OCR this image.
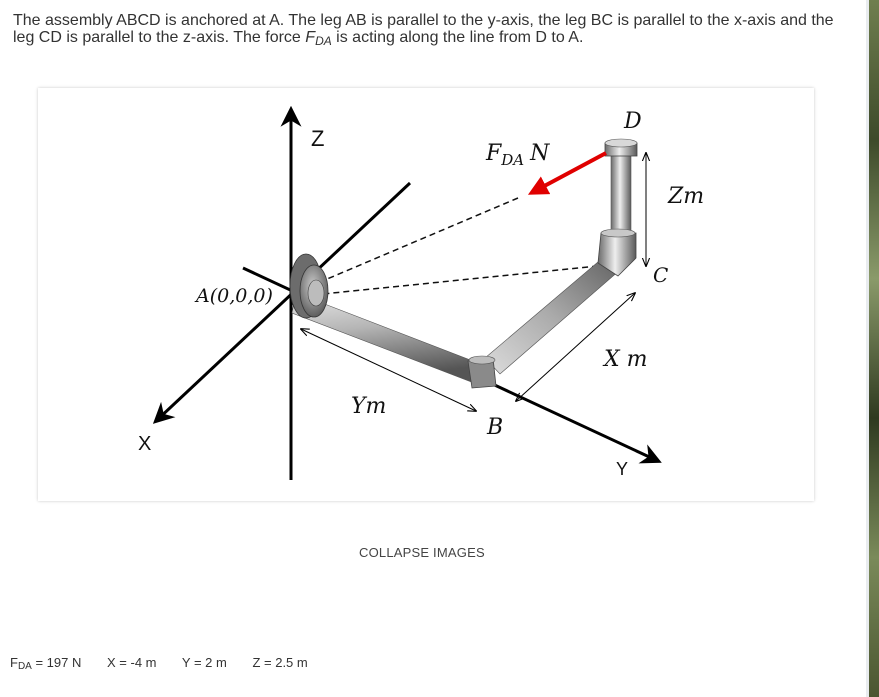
The assembly ABCD is anchored at A. The leg AB is parallel to the y-axis, the leg BC is parallel to the x-axis and the leg CD is parallel to the z-axis. The force $F_{DA}$ is acting along the line from D to A.
Z
X
Y
A(0,0,0)
B
C
D
$F_{DA}$ N
Ym
X m
Zm
COLLAPSE IMAGES
$F_{DA} = 197$ N X = -4 m Y = 2 m Z = 2.5 m
